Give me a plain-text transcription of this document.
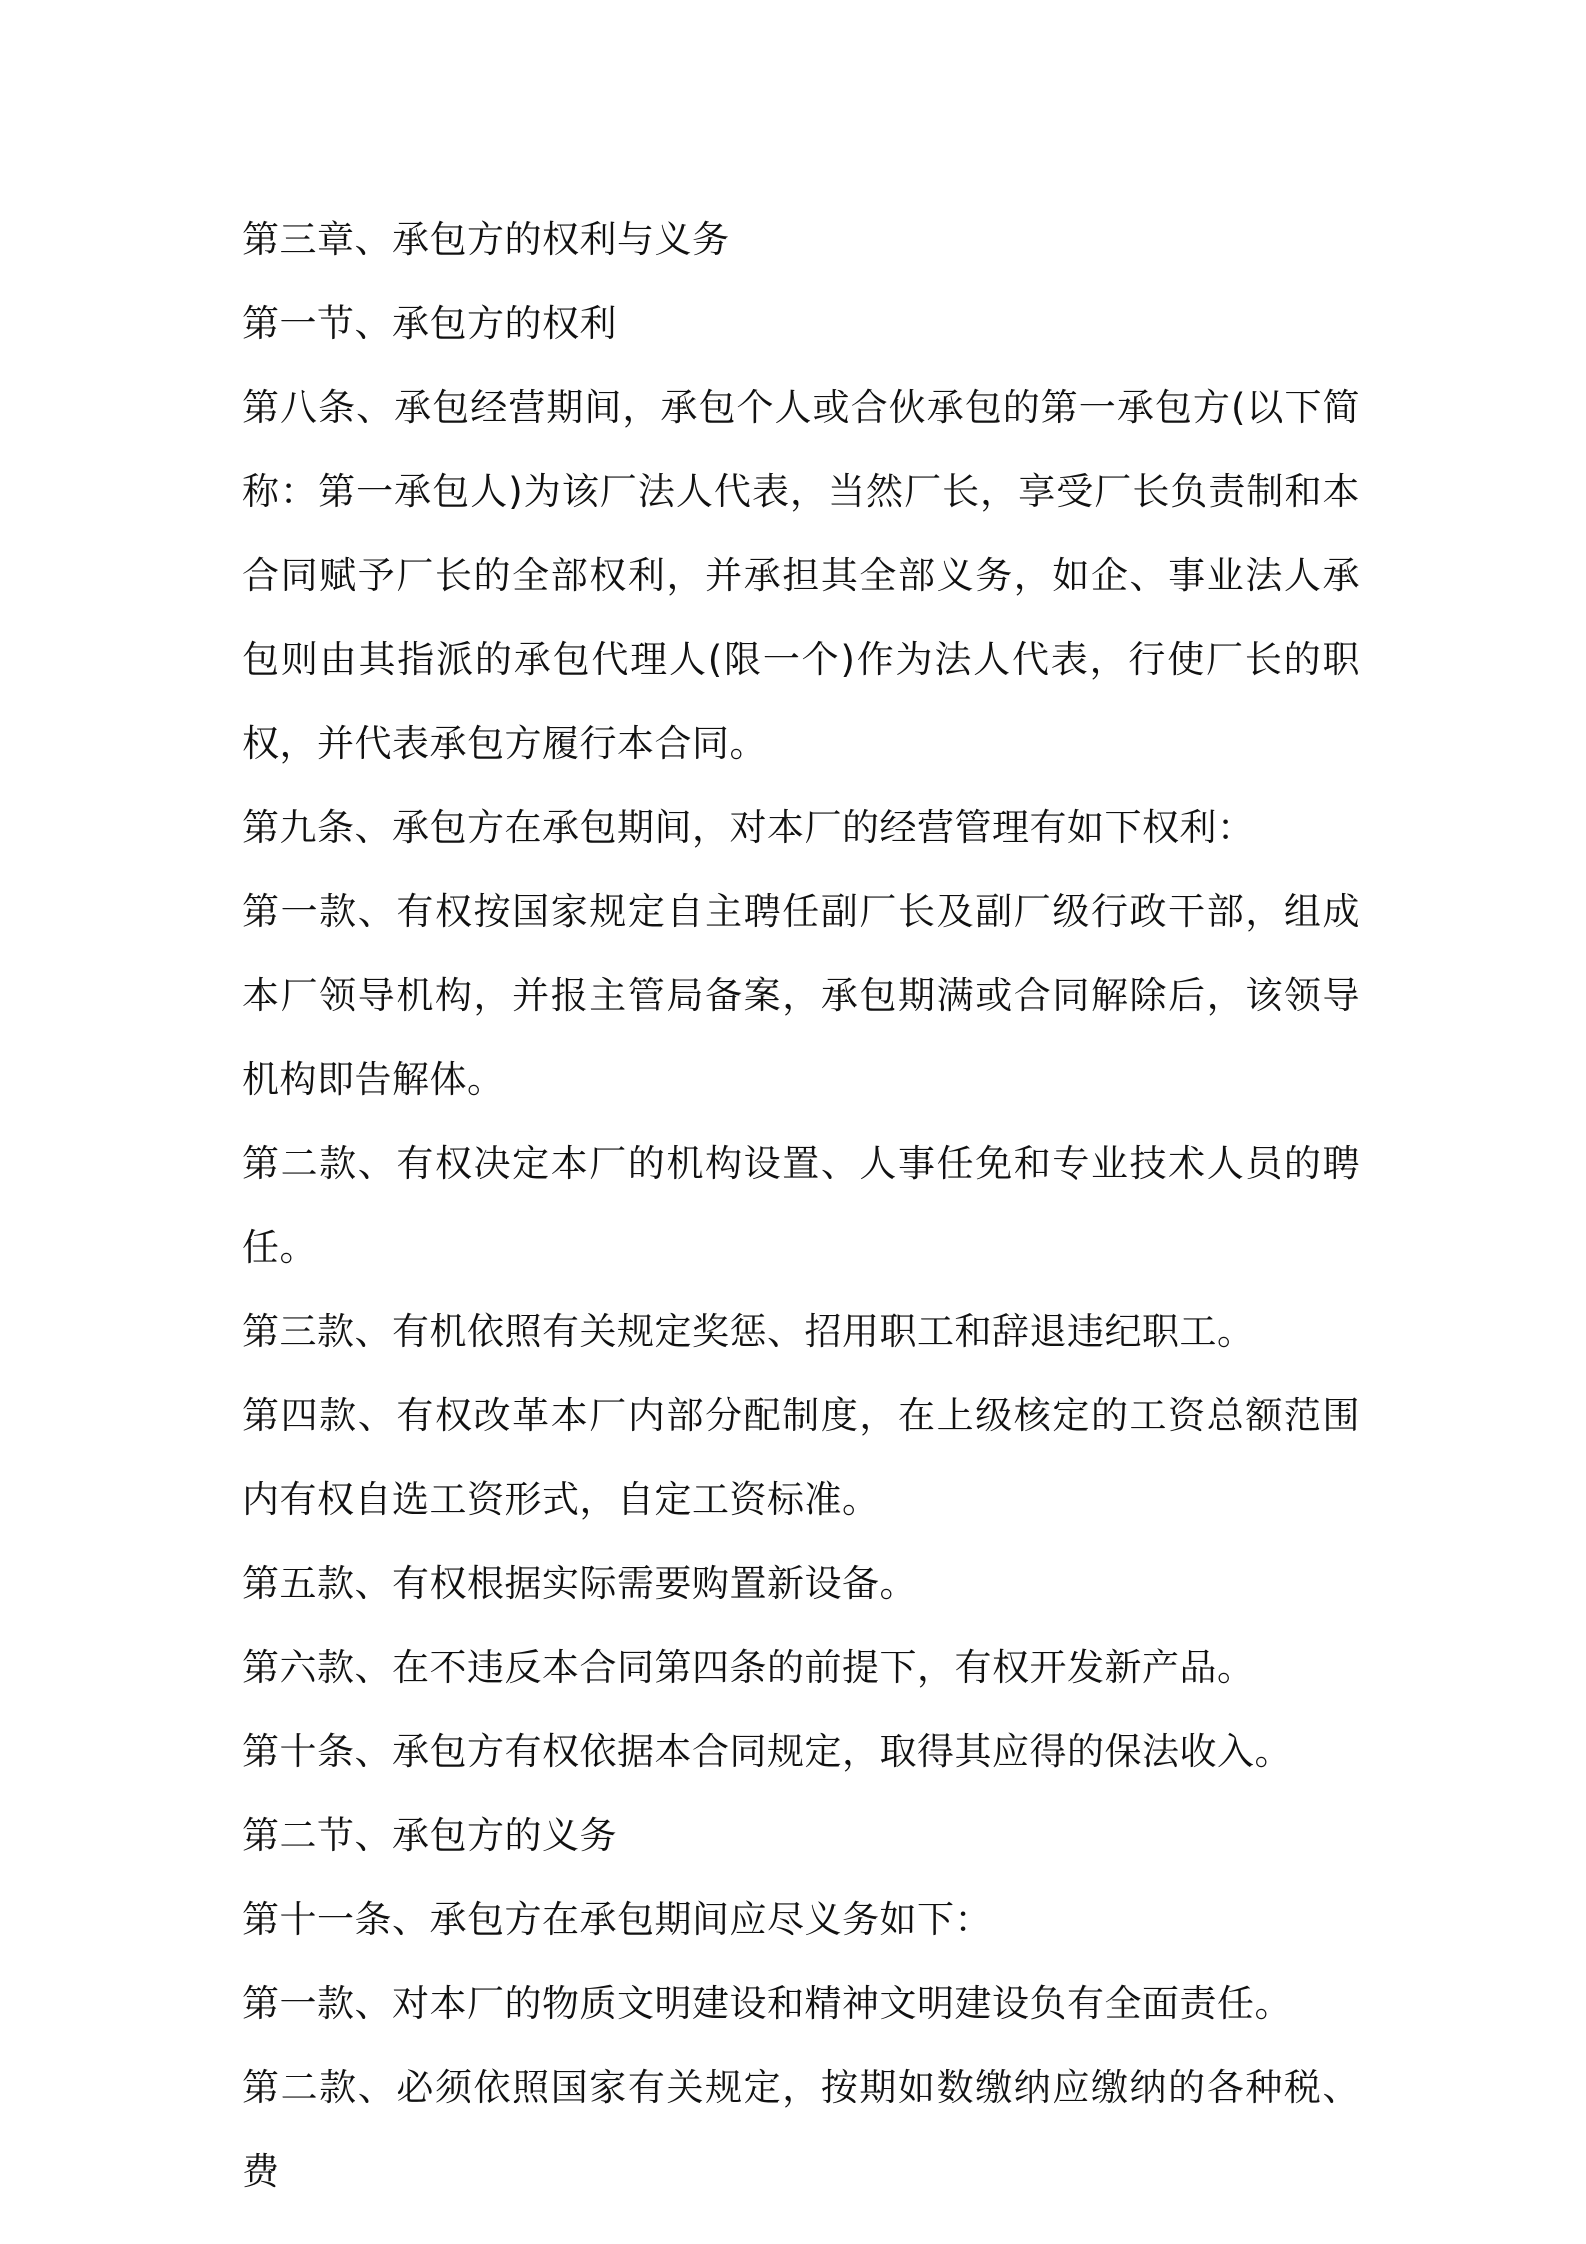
第三章、承包方的权利与义务

第一节、承包方的权利

第八条、承包经营期间，承包个人或合伙承包的第一承包方(以下简称：第一承包人)为该厂法人代表，当然厂长，享受厂长负责制和本合同赋予厂长的全部权利，并承担其全部义务，如企、事业法人承包则由其指派的承包代理人(限一个)作为法人代表，行使厂长的职权，并代表承包方履行本合同。

第九条、承包方在承包期间，对本厂的经营管理有如下权利：

第一款、有权按国家规定自主聘任副厂长及副厂级行政干部，组成本厂领导机构，并报主管局备案，承包期满或合同解除后，该领导机构即告解体。

第二款、有权决定本厂的机构设置、人事任免和专业技术人员的聘任。

第三款、有机依照有关规定奖惩、招用职工和辞退违纪职工。

第四款、有权改革本厂内部分配制度，在上级核定的工资总额范围内有权自选工资形式，自定工资标准。

第五款、有权根据实际需要购置新设备。

第六款、在不违反本合同第四条的前提下，有权开发新产品。

第十条、承包方有权依据本合同规定，取得其应得的保法收入。

第二节、承包方的义务

第十一条、承包方在承包期间应尽义务如下：

第一款、对本厂的物质文明建设和精神文明建设负有全面责任。

第二款、必须依照国家有关规定，按期如数缴纳应缴纳的各种税、费
